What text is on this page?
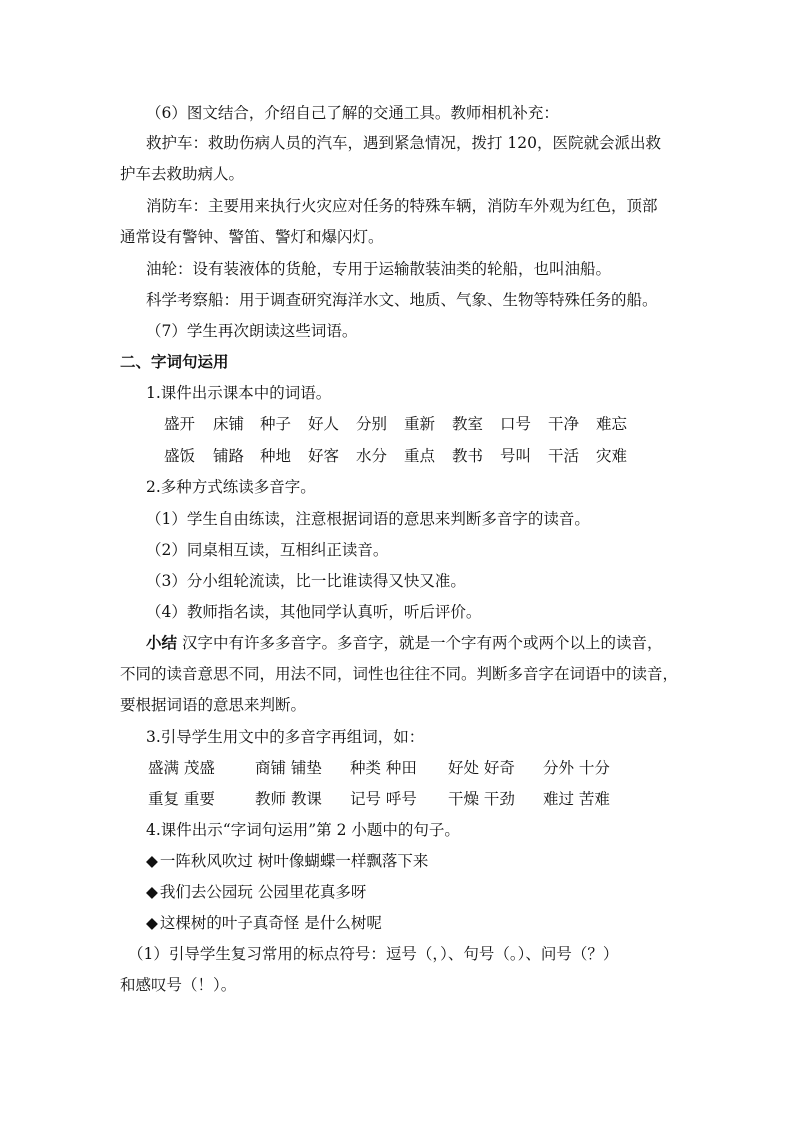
（6）图文结合，介绍自己了解的交通工具。教师相机补充：
救护车：救助伤病人员的汽车，遇到紧急情况，拨打 120，医院就会派出救
护车去救助病人。
消防车：主要用来执行火灾应对任务的特殊车辆，消防车外观为红色，顶部
通常设有警钟、警笛、警灯和爆闪灯。
油轮：设有装液体的货舱，专用于运输散装油类的轮船，也叫油船。
科学考察船：用于调查研究海洋水文、地质、气象、生物等特殊任务的船。
（7）学生再次朗读这些词语。
二、字词句运用
1.课件出示课本中的词语。
盛开 床铺 种子 好人 分别 重新 教室 口号 干净 难忘
盛饭 铺路 种地 好客 水分 重点 教书 号叫 干活 灾难
2.多种方式练读多音字。
（1）学生自由练读，注意根据词语的意思来判断多音字的读音。
（2）同桌相互读，互相纠正读音。
（3）分小组轮流读，比一比谁读得又快又准。
（4）教师指名读，其他同学认真听，听后评价。
小结 汉字中有许多多音字。多音字，就是一个字有两个或两个以上的读音，
不同的读音意思不同，用法不同，词性也往往不同。判断多音字在词语中的读音，
要根据词语的意思来判断。
3.引导学生用文中的多音字再组词，如：
盛满 茂盛	商铺 铺垫 种类 种田 好处 好奇 分外 十分
重复 重要	教师 教课 记号 呼号 干燥 干劲 难过 苦难
4.课件出示“字词句运用”第 2 小题中的句子。
◆ 一阵秋风吹过 树叶像蝴蝶一样飘落下来
◆ 我们去公园玩 公园里花真多呀
◆ 这棵树的叶子真奇怪 是什么树呢
（1）引导学生复习常用的标点符号：逗号（，）、句号（。）、问号（？）
和感叹号（！）。
